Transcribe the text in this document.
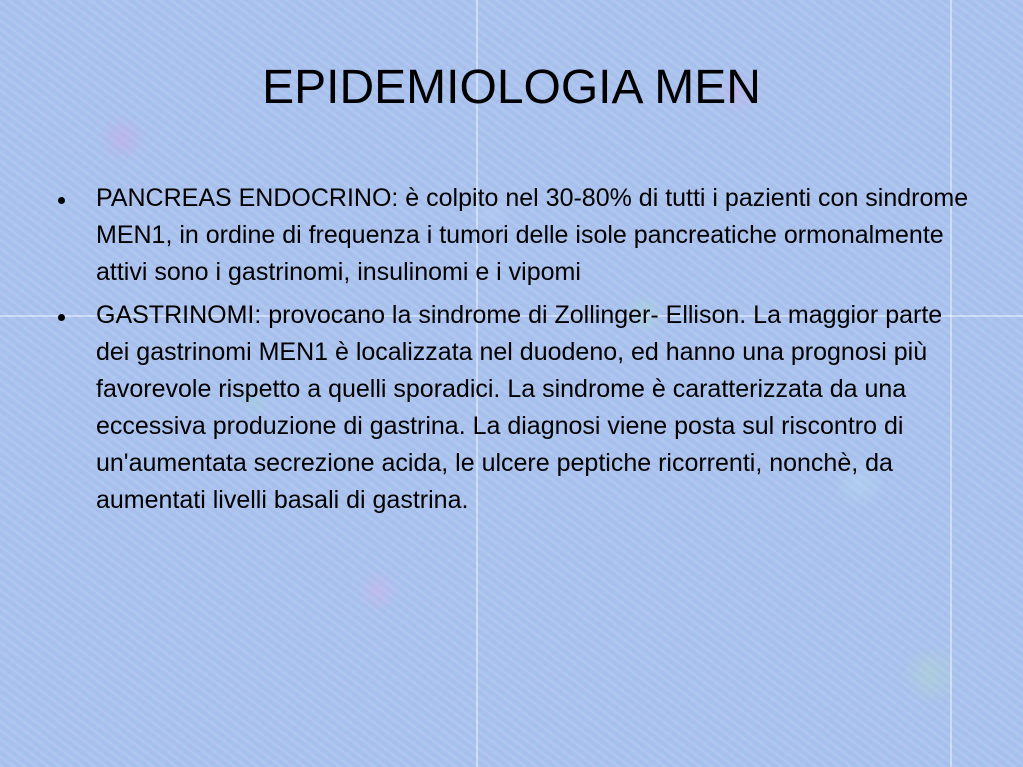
EPIDEMIOLOGIA MEN
PANCREAS ENDOCRINO: è colpito nel 30-80% di tutti i pazienti con sindrome MEN1, in ordine di frequenza i tumori delle isole pancreatiche ormonalmente attivi sono i gastrinomi, insulinomi e i vipomi
GASTRINOMI: provocano la sindrome di Zollinger- Ellison. La maggior parte dei gastrinomi MEN1 è localizzata nel duodeno, ed hanno una prognosi più favorevole rispetto a quelli sporadici. La sindrome è caratterizzata da una eccessiva produzione di gastrina. La diagnosi viene posta sul riscontro di un'aumentata secrezione acida, le ulcere peptiche ricorrenti, nonchè, da aumentati livelli basali di gastrina.
